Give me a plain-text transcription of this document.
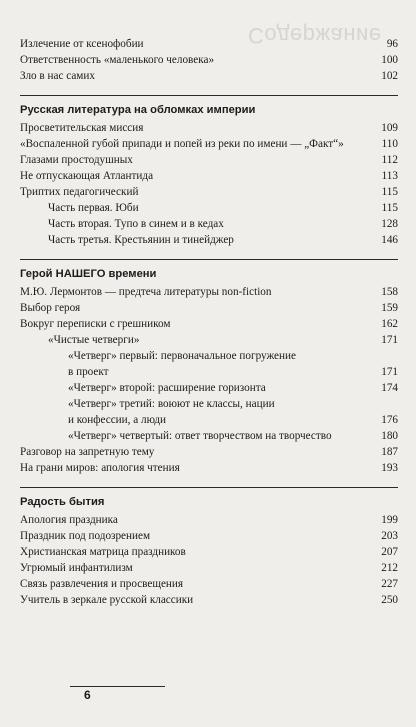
Содержание
Излечение от ксенофобии	96
Ответственность «маленького человека»	100
Зло в нас самих	102
Русская литература на обломках империи
Просветительская миссия	109
«Воспаленной губой припади и попей из реки по имени — „Факт“»	110
Глазами простодушных	112
Не отпускающая Атлантида	113
Триптих педагогический	115
Часть первая. Юби	115
Часть вторая. Тупо в синем и в кедах	128
Часть третья. Крестьянин и тинейджер	146
Герой НАШЕГО времени
М.Ю. Лермонтов — предтеча литературы non-fiction	158
Выбор героя	159
Вокруг переписки с грешником	162
«Чистые четверги»	171
«Четверг» первый: первоначальное погружение
в проект	171
«Четверг» второй: расширение горизонта	174
«Четверг» третий: воюют не классы, нации
и конфессии, а люди	176
«Четверг» четвертый: ответ творчеством на творчество	180
Разговор на запретную тему	187
На грани миров: апология чтения	193
Радость бытия
Апология праздника	199
Праздник под подозрением	203
Христианская матрица праздников	207
Угрюмый инфантилизм	212
Связь развлечения и просвещения	227
Учитель в зеркале русской классики	250
6
